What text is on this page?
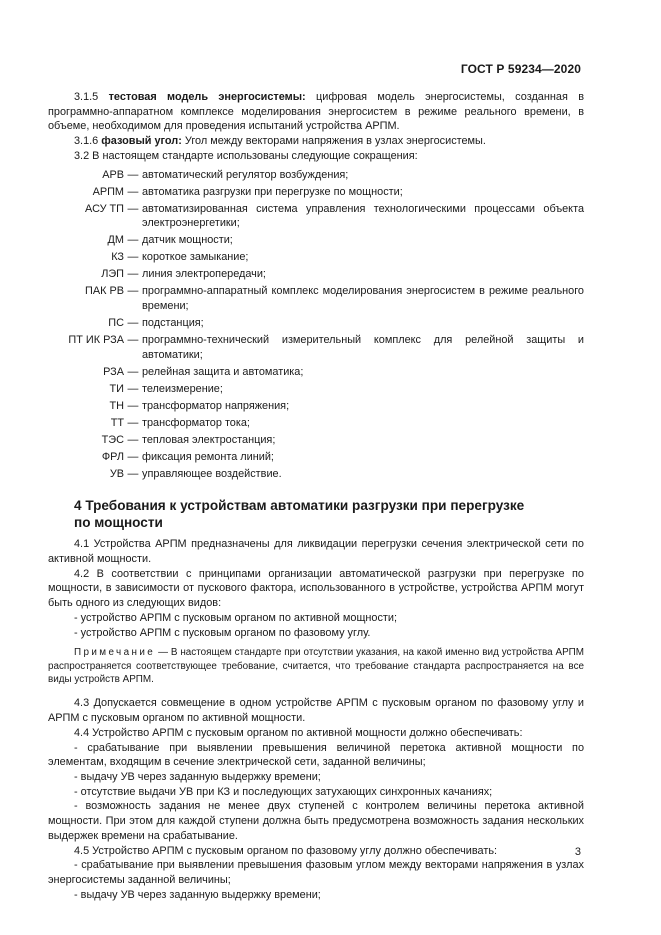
ГОСТ Р 59234—2020

3.1.5 тестовая модель энергосистемы: цифровая модель энергосистемы, созданная в программно-аппаратном комплексе моделирования энергосистем в режиме реального времени, в объеме, необходимом для проведения испытаний устройства АРПМ.

3.1.6 фазовый угол: Угол между векторами напряжения в узлах энергосистемы.

3.2 В настоящем стандарте использованы следующие сокращения:

АРВ — автоматический регулятор возбуждения;
АРПМ — автоматика разгрузки при перегрузке по мощности;
АСУ ТП — автоматизированная система управления технологическими процессами объекта электроэнергетики;
ДМ — датчик мощности;
КЗ — короткое замыкание;
ЛЭП — линия электропередачи;
ПАК РВ — программно-аппаратный комплекс моделирования энергосистем в режиме реального времени;
ПС — подстанция;
ПТ ИК РЗА — программно-технический измерительный комплекс для релейной защиты и автоматики;
РЗА — релейная защита и автоматика;
ТИ — телеизмерение;
ТН — трансформатор напряжения;
ТТ — трансформатор тока;
ТЭС — тепловая электростанция;
ФРЛ — фиксация ремонта линий;
УВ — управляющее воздействие.
4 Требования к устройствам автоматики разгрузки при перегрузке
по мощности

4.1 Устройства АРПМ предназначены для ликвидации перегрузки сечения электрической сети по активной мощности.

4.2 В соответствии с принципами организации автоматической разгрузки при перегрузке по мощности, в зависимости от пускового фактора, использованного в устройстве, устройства АРПМ могут быть одного из следующих видов:

- устройство АРПМ с пусковым органом по активной мощности;

- устройство АРПМ с пусковым органом по фазовому углу.

Примечание — В настоящем стандарте при отсутствии указания, на какой именно вид устройства АРПМ распространяется соответствующее требование, считается, что требование стандарта распространяется на все виды устройств АРПМ.

4.3 Допускается совмещение в одном устройстве АРПМ с пусковым органом по фазовому углу и АРПМ с пусковым органом по активной мощности.

4.4 Устройство АРПМ с пусковым органом по активной мощности должно обеспечивать:

- срабатывание при выявлении превышения величиной перетока активной мощности по элементам, входящим в сечение электрической сети, заданной величины;

- выдачу УВ через заданную выдержку времени;

- отсутствие выдачи УВ при КЗ и последующих затухающих синхронных качаниях;

- возможность задания не менее двух ступеней с контролем величины перетока активной мощности. При этом для каждой ступени должна быть предусмотрена возможность задания нескольких выдержек времени на срабатывание.

4.5 Устройство АРПМ с пусковым органом по фазовому углу должно обеспечивать:

- срабатывание при выявлении превышения фазовым углом между векторами напряжения в узлах энергосистемы заданной величины;

- выдачу УВ через заданную выдержку времени;

3
